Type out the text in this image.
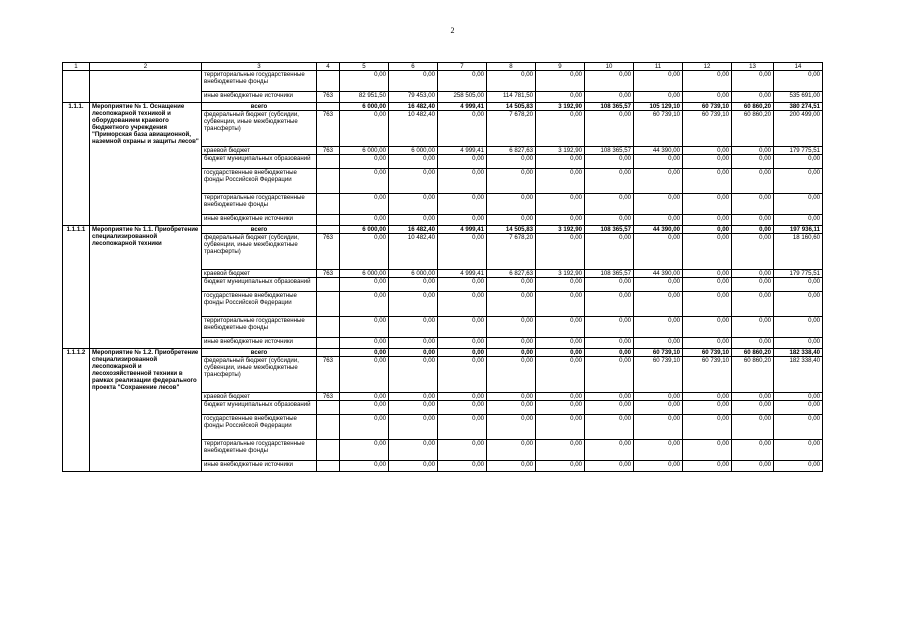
2
1	2	3	4	5	6	7	8	9	10	11	12	13	14
		территориальные государственные внебюджетные фонды		0,00	0,00	0,00	0,00	0,00	0,00	0,00	0,00	0,00	0,00
		иные внебюджетные источники	763	82 951,50	79 453,00	258 505,00	114 781,50	0,00	0,00	0,00	0,00	0,00	535 691,00
1.1.1.	Мероприятие № 1. Оснащение лесопожарной техникой и оборудованием краевого бюджетного учреждения "Приморская база авиационной, наземной охраны и защиты лесов"	всего		6 000,00	16 482,40	4 999,41	14 505,83	3 192,90	108 365,57	105 129,10	60 739,10	60 860,20	380 274,51
		федеральный бюджет (субсидии, субвенции, иные межбюджетные трансферты)	763	0,00	10 482,40	0,00	7 678,20	0,00	0,00	60 739,10	60 739,10	60 860,20	200 499,00
		краевой бюджет	763	6 000,00	6 000,00	4 999,41	6 827,63	3 192,90	108 365,57	44 390,00	0,00	0,00	179 775,51
		бюджет муниципальных образований		0,00	0,00	0,00	0,00	0,00	0,00	0,00	0,00	0,00	0,00
		государственные внебюджетные фонды Российской Федерации		0,00	0,00	0,00	0,00	0,00	0,00	0,00	0,00	0,00	0,00
		территориальные государственные внебюджетные фонды		0,00	0,00	0,00	0,00	0,00	0,00	0,00	0,00	0,00	0,00
		иные внебюджетные источники		0,00	0,00	0,00	0,00	0,00	0,00	0,00	0,00	0,00	0,00
1.1.1.1	Мероприятие № 1.1. Приобретение специализированной лесопожарной техники	всего		6 000,00	16 482,40	4 999,41	14 505,83	3 192,90	108 365,57	44 390,00	0,00	0,00	197 936,11
		федеральный бюджет (субсидии, субвенции, иные межбюджетные трансферты)	763	0,00	10 482,40	0,00	7 678,20	0,00	0,00	0,00	0,00	0,00	18 160,60
		краевой бюджет	763	6 000,00	6 000,00	4 999,41	6 827,63	3 192,90	108 365,57	44 390,00	0,00	0,00	179 775,51
		бюджет муниципальных образований		0,00	0,00	0,00	0,00	0,00	0,00	0,00	0,00	0,00	0,00
		государственные внебюджетные фонды Российской Федерации		0,00	0,00	0,00	0,00	0,00	0,00	0,00	0,00	0,00	0,00
		территориальные государственные внебюджетные фонды		0,00	0,00	0,00	0,00	0,00	0,00	0,00	0,00	0,00	0,00
		иные внебюджетные источники		0,00	0,00	0,00	0,00	0,00	0,00	0,00	0,00	0,00	0,00
1.1.1.2	Мероприятие № 1.2. Приобретение специализированной лесопожарной и лесохозяйственной техники в рамках реализации федерального проекта "Сохранение лесов"	всего		0,00	0,00	0,00	0,00	0,00	0,00	60 739,10	60 739,10	60 860,20	182 338,40
		федеральный бюджет (субсидии, субвенции, иные межбюджетные трансферты)	763	0,00	0,00	0,00	0,00	0,00	0,00	60 739,10	60 739,10	60 860,20	182 338,40
		краевой бюджет	763	0,00	0,00	0,00	0,00	0,00	0,00	0,00	0,00	0,00	0,00
		бюджет муниципальных образований		0,00	0,00	0,00	0,00	0,00	0,00	0,00	0,00	0,00	0,00
		государственные внебюджетные фонды Российской Федерации		0,00	0,00	0,00	0,00	0,00	0,00	0,00	0,00	0,00	0,00
		территориальные государственные внебюджетные фонды		0,00	0,00	0,00	0,00	0,00	0,00	0,00	0,00	0,00	0,00
		иные внебюджетные источники		0,00	0,00	0,00	0,00	0,00	0,00	0,00	0,00	0,00	0,00
